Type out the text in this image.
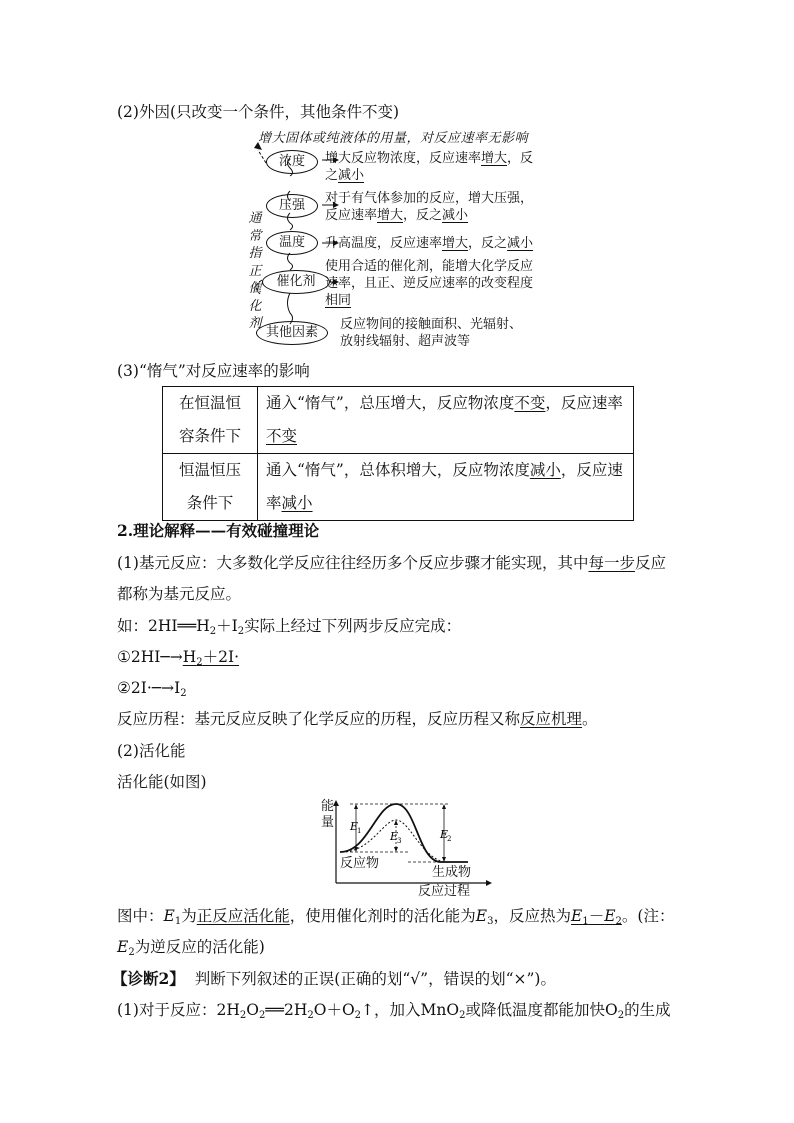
(2)外因(只改变一个条件，其他条件不变)
增大固体或纯液体的用量，对反应速率无影响
通
常
指
正
催
化
剂
浓度
压强
温度
催化剂
其他因素
增大反应物浓度，反应速率增大，反
之减小
对于有气体参加的反应，增大压强，
反应速率增大，反之减小
升高温度，反应速率增大，反之减小
使用合适的催化剂，能增大化学反应
速率，且正、逆反应速率的改变程度
相同
反应物间的接触面积、光辐射、
放射线辐射、超声波等
(3)“惰气”对反应速率的影响
在恒温恒
容条件下	通入“惰气”，总压增大，反应物浓度不变，反应速率
不变
恒温恒压
条件下	通入“惰气”，总体积增大，反应物浓度减小，反应速
率减小
2.理论解释——有效碰撞理论
(1)基元反应：大多数化学反应往往经历多个反应步骤才能实现，其中每一步反应
都称为基元反应。
如：$2HI══H_2+I_2$实际上经过下列两步反应完成：
$①2HI─\to H_2+2I\cdot$
$②2I\cdot─\to I_2$
反应历程：基元反应反映了化学反应的历程，反应历程又称反应机理。
(2)活化能
活化能(如图)
E
1	E
3	E
2
能
量
反应物
生成物
反应过程
图中：$E_1$为正反应活化能，使用催化剂时的活化能为$E_3$，反应热为$E_1-E_2$。(注：
$E_2$为逆反应的活化能)
【诊断2】 判断下列叙述的正误(正确的划“√”，错误的划“×”)。
(1)对于反应：$2H_2O_2══2H_2O+O_2↑$，加入MnO$_2$或降低温度都能加快$O_2$的生成
